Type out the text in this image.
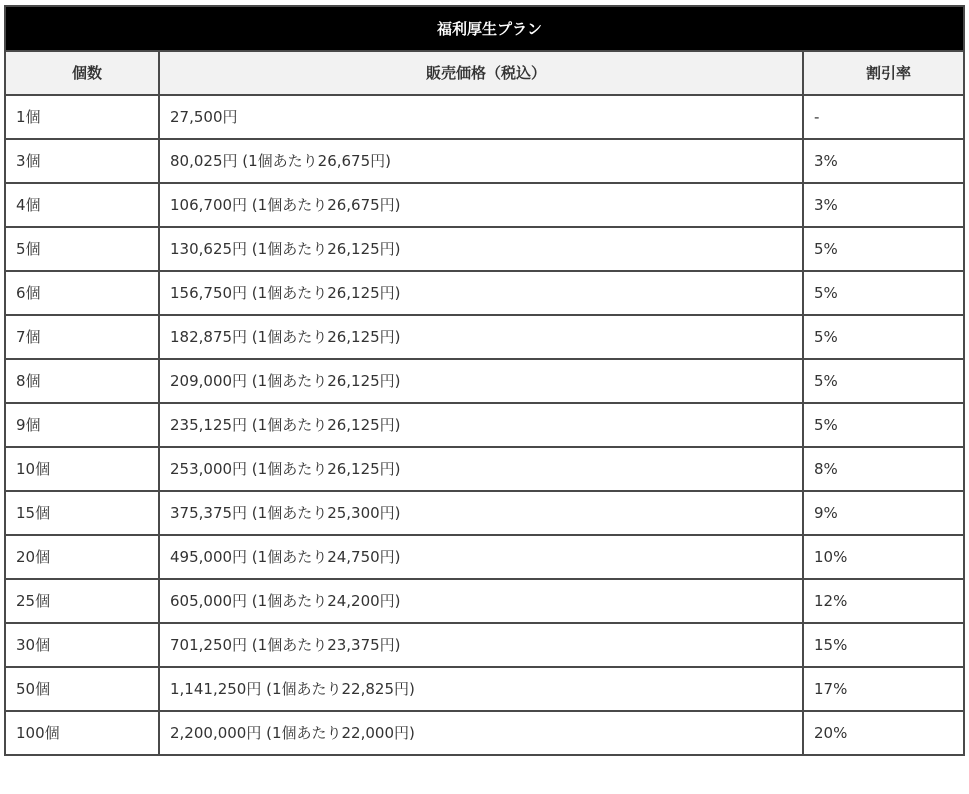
福利厚生プラン		
個数	販売価格（税込）	割引率
1個	27,500円	-
3個	80,025円 (1個あたり26,675円)	3%
4個	106,700円 (1個あたり26,675円)	3%
5個	130,625円 (1個あたり26,125円)	5%
6個	156,750円 (1個あたり26,125円)	5%
7個	182,875円 (1個あたり26,125円)	5%
8個	209,000円 (1個あたり26,125円)	5%
9個	235,125円 (1個あたり26,125円)	5%
10個	253,000円 (1個あたり26,125円)	8%
15個	375,375円 (1個あたり25,300円)	9%
20個	495,000円 (1個あたり24,750円)	10%
25個	605,000円 (1個あたり24,200円)	12%
30個	701,250円 (1個あたり23,375円)	15%
50個	1,141,250円 (1個あたり22,825円)	17%
100個	2,200,000円 (1個あたり22,000円)	20%
